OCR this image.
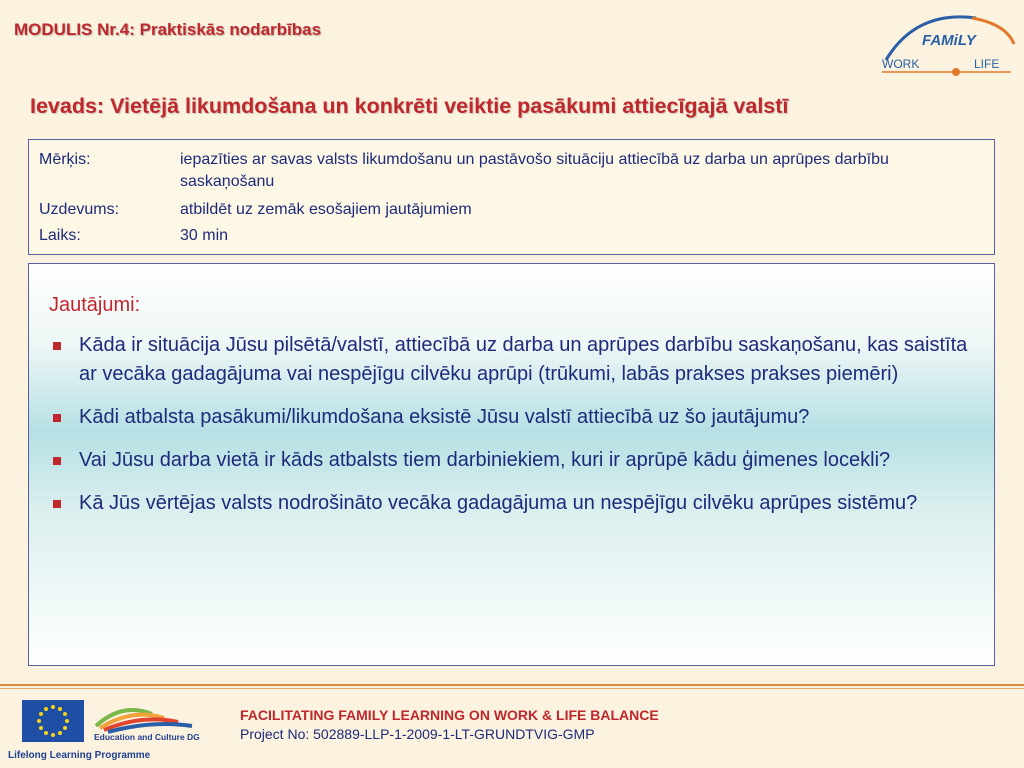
MODULIS Nr.4: Praktiskās nodarbības
FAMiLY
WORK	LIFE
Ievads: Vietējā likumdošana un konkrēti veiktie pasākumi attiecīgajā valstī
Mērķis:	iepazīties ar savas valsts likumdošanu un pastāvošo situāciju attiecībā uz darba un aprūpes darbību saskaņošanu
Uzdevums:	atbildēt uz zemāk esošajiem jautājumiem
Laiks:	30 min
Jautājumi:
Kāda ir situācija Jūsu pilsētā/valstī, attiecībā uz darba un aprūpes darbību saskaņošanu, kas saistīta ar vecāka gadagājuma vai nespējīgu cilvēku aprūpi (trūkumi, labās prakses prakses piemēri)
Kādi atbalsta pasākumi/likumdošana eksistē Jūsu valstī attiecībā uz šo jautājumu?
Vai Jūsu darba vietā ir kāds atbalsts tiem darbiniekiem, kuri ir aprūpē kādu ģimenes locekli?
Kā Jūs vērtējas valsts nodrošināto vecāka gadagājuma un nespējīgu cilvēku aprūpes sistēmu?
Education and Culture DG
Lifelong Learning Programme
FACILITATING FAMILY LEARNING ON WORK & LIFE BALANCE
Project No: 502889-LLP-1-2009-1-LT-GRUNDTVIG-GMP
